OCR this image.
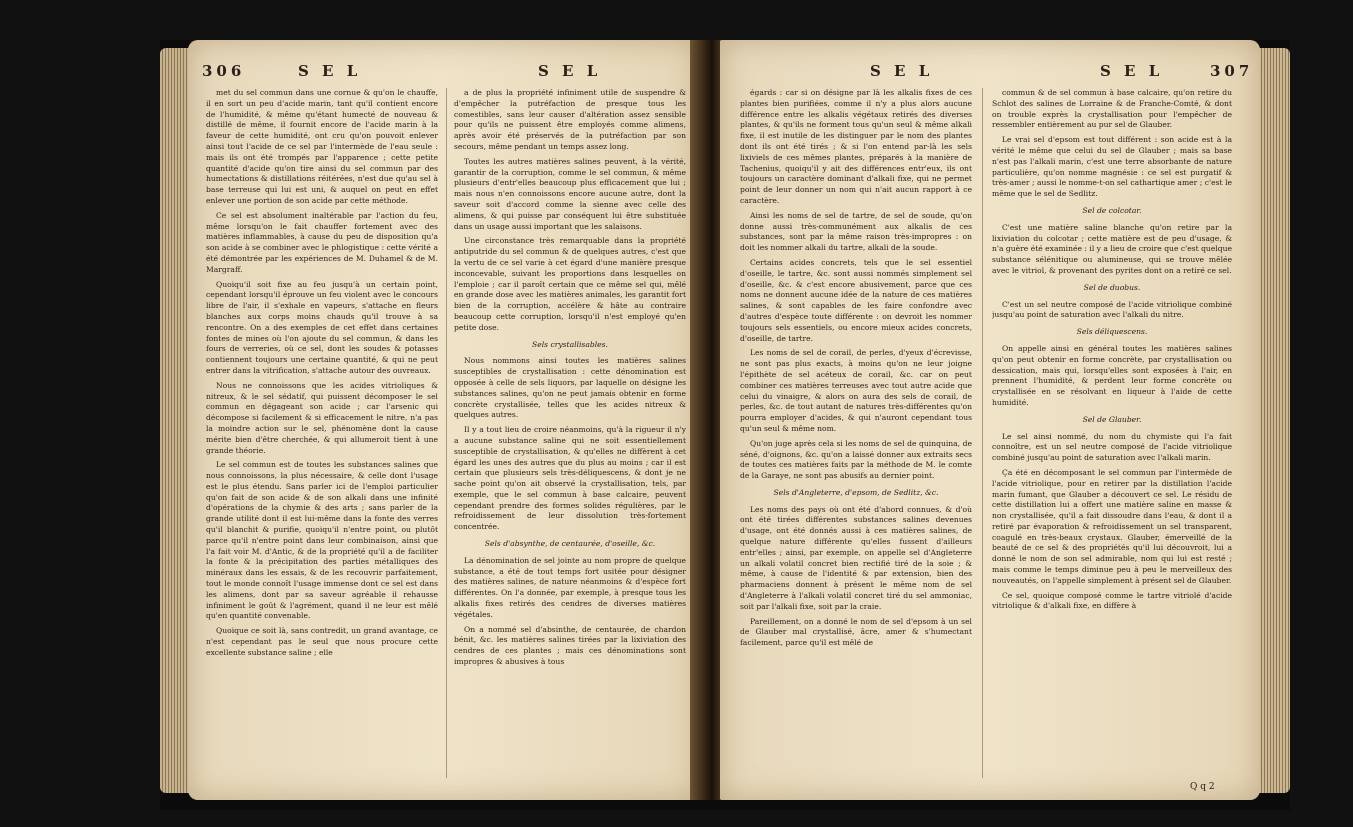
306	S E L	S E L

met du sel commun dans une cornue & qu'on le chauffe, il en sort un peu d'acide marin, tant qu'il contient encore de l'humidité, & même qu'étant humecté de nouveau & distillé de même, il fournit encore de l'acide marin à la faveur de cette humidité, ont cru qu'on pouvoit enlever ainsi tout l'acide de ce sel par l'intermède de l'eau seule : mais ils ont été trompés par l'apparence ; cette petite quantité d'acide qu'on tire ainsi du sel commun par des humectations & distillations réitérées, n'est due qu'au sel à base terreuse qui lui est uni, & auquel on peut en effet enlever une portion de son acide par cette méthode.

Ce sel est absolument inaltérable par l'action du feu, même lorsqu'on le fait chauffer fortement avec des matières inflammables, à cause du peu de disposition qu'a son acide à se combiner avec le phlogistique : cette vérité a été démontrée par les expériences de M. Duhamel & de M. Margraff.

Quoiqu'il soit fixe au feu jusqu'à un certain point, cependant lorsqu'il éprouve un feu violent avec le concours libre de l'air, il s'exhale en vapeurs, s'attache en fleurs blanches aux corps moins chauds qu'il trouve à sa rencontre. On a des exemples de cet effet dans certaines fontes de mines où l'on ajoute du sel commun, & dans les fours de verreries, où ce sel, dont les soudes & potasses contiennent toujours une certaine quantité, & qui ne peut entrer dans la vitrification, s'attache autour des ouvreaux.

Nous ne connoissons que les acides vitrioliques & nitreux, & le sel sédatif, qui puissent décomposer le sel commun en dégageant son acide ; car l'arsenic qui décompose si facilement & si efficacement le nitre, n'a pas la moindre action sur le sel, phénomène dont la cause mérite bien d'être cherchée, & qui allumeroit tient à une grande théorie.

Le sel commun est de toutes les substances salines que nous connoissons, la plus nécessaire, & celle dont l'usage est le plus étendu. Sans parler ici de l'emploi particulier qu'on fait de son acide & de son alkali dans une infinité d'opérations de la chymie & des arts ; sans parler de la grande utilité dont il est lui-même dans la fonte des verres qu'il blanchit & purifie, quoiqu'il n'entre point, ou plutôt parce qu'il n'entre point dans leur combinaison, ainsi que l'a fait voir M. d'Antic, & de la propriété qu'il a de faciliter la fonte & la précipitation des parties métalliques des minéraux dans les essais, & de les recouvrir parfaitement, tout le monde connoît l'usage immense dont ce sel est dans les alimens, dont par sa saveur agréable il rehausse infiniment le goût & l'agrément, quand il ne leur est mêlé qu'en quantité convenable.

Quoique ce soit là, sans contredit, un grand avantage, ce n'est cependant pas le seul que nous procure cette excellente substance saline ; elle

a de plus la propriété infiniment utile de suspendre & d'empêcher la putréfaction de presque tous les comestibles, sans leur causer d'altération assez sensible pour qu'ils ne puissent être employés comme alimens, après avoir été préservés de la putréfaction par son secours, même pendant un temps assez long.

Toutes les autres matières salines peuvent, à la vérité, garantir de la corruption, comme le sel commun, & même plusieurs d'entr'elles beaucoup plus efficacement que lui ; mais nous n'en connoissons encore aucune autre, dont la saveur soit d'accord comme la sienne avec celle des alimens, & qui puisse par conséquent lui être substituée dans un usage aussi important que les salaisons.

Une circonstance très remarquable dans la propriété antiputride du sel commun & de quelques autres, c'est que la vertu de ce sel varie à cet égard d'une manière presque inconcevable, suivant les proportions dans lesquelles on l'emploie ; car il paroît certain que ce même sel qui, mêlé en grande dose avec les matières animales, les garantit fort bien de la corruption, accélère & hâte au contraire beaucoup cette corruption, lorsqu'il n'est employé qu'en petite dose.

Sels crystallisables.

Nous nommons ainsi toutes les matières salines susceptibles de crystallisation : cette dénomination est opposée à celle de sels liquors, par laquelle on désigne les substances salines, qu'on ne peut jamais obtenir en forme concrète crystallisée, telles que les acides nitreux & quelques autres.

Il y a tout lieu de croire néanmoins, qu'à la rigueur il n'y a aucune substance saline qui ne soit essentiellement susceptible de crystallisation, & qu'elles ne diffèrent à cet égard les unes des autres que du plus au moins ; car il est certain que plusieurs sels très-déliquescens, & dont je ne sache point qu'on ait observé la crystallisation, tels, par exemple, que le sel commun à base calcaire, peuvent cependant prendre des formes solides régulières, par le refroidissement de leur dissolution très-fortement concentrée.

Sels d'absynthe, de centaurée, d'oseille, &c.

La dénomination de sel jointe au nom propre de quelque substance, a été de tout temps fort usitée pour désigner des matières salines, de nature néanmoins & d'espèce fort différentes. On l'a donnée, par exemple, à presque tous les alkalis fixes retirés des cendres de diverses matières végétales.

On a nommé sel d'absinthe, de centaurée, de chardon bénit, &c. les matières salines tirées par la lixiviation des cendres de ces plantes ; mais ces dénominations sont impropres & abusives à tous

S E L	S E L	307

égards : car si on désigne par là les alkalis fixes de ces plantes bien purifiées, comme il n'y a plus alors aucune différence entre les alkalis végétaux retirés des diverses plantes, & qu'ils ne forment tous qu'un seul & même alkali fixe, il est inutile de les distinguer par le nom des plantes dont ils ont été tirés ; & si l'on entend par-là les sels lixiviels de ces mêmes plantes, préparés à la manière de Tachenius, quoiqu'il y ait des différences entr'eux, ils ont toujours un caractère dominant d'alkali fixe, qui ne permet point de leur donner un nom qui n'ait aucun rapport à ce caractère.

Ainsi les noms de sel de tartre, de sel de soude, qu'on donne aussi très-communément aux alkalis de ces substances, sont par la même raison très-impropres : on doit les nommer alkali du tartre, alkali de la soude.

Certains acides concrets, tels que le sel essentiel d'oseille, le tartre, &c. sont aussi nommés simplement sel d'oseille, &c. & c'est encore abusivement, parce que ces noms ne donnent aucune idée de la nature de ces matières salines, & sont capables de les faire confondre avec d'autres d'espèce toute différente : on devroit les nommer toujours sels essentiels, ou encore mieux acides concrets, d'oseille, de tartre.

Les noms de sel de corail, de perles, d'yeux d'écrevisse, ne sont pas plus exacts, à moins qu'on ne leur joigne l'épithète de sel acéteux de corail, &c. car on peut combiner ces matières terreuses avec tout autre acide que celui du vinaigre, & alors on aura des sels de corail, de perles, &c. de tout autant de natures très-différentes qu'on pourra employer d'acides, & qui n'auront cependant tous qu'un seul & même nom.

Qu'on juge après cela si les noms de sel de quinquina, de séné, d'oignons, &c. qu'on a laissé donner aux extraits secs de toutes ces matières faits par la méthode de M. le comte de la Garaye, ne sont pas abusifs au dernier point.

Sels d'Angleterre, d'epsom, de Sedlitz, &c.

Les noms des pays où ont été d'abord connues, & d'où ont été tirées différentes substances salines devenues d'usage, ont été donnés aussi à ces matières salines, de quelque nature différente qu'elles fussent d'ailleurs entr'elles ; ainsi, par exemple, on appelle sel d'Angleterre un alkali volatil concret bien rectifié tiré de la soie ; & même, à cause de l'identité & par extension, bien des pharmaciens donnent à présent le même nom de sel d'Angleterre à l'alkali volatil concret tiré du sel ammoniac, soit par l'alkali fixe, soit par la craie.

Pareillement, on a donné le nom de sel d'epsom à un sel de Glauber mal crystallisé, âcre, amer & s'humectant facilement, parce qu'il est mêlé de

commun & de sel commun à base calcaire, qu'on retire du Schlot des salines de Lorraine & de Franche-Comté, & dont on trouble exprès la crystallisation pour l'empêcher de ressembler entièrement au pur sel de Glauber.

Le vrai sel d'epsom est tout différent : son acide est à la vérité le même que celui du sel de Glauber ; mais sa base n'est pas l'alkali marin, c'est une terre absorbante de nature particulière, qu'on nomme magnésie : ce sel est purgatif & très-amer ; aussi le nomme-t-on sel cathartique amer ; c'est le même que le sel de Sedlitz.

Sel de colcotar.

C'est une matière saline blanche qu'on retire par la lixiviation du colcotar ; cette matière est de peu d'usage, & n'a guère été examinée : il y a lieu de croire que c'est quelque substance sélénitique ou alumineuse, qui se trouve mêlée avec le vitriol, & provenant des pyrites dont on a retiré ce sel.

Sel de duobus.

C'est un sel neutre composé de l'acide vitriolique combiné jusqu'au point de saturation avec l'alkali du nitre.

Sels déliquescens.

On appelle ainsi en général toutes les matières salines qu'on peut obtenir en forme concrète, par crystallisation ou dessication, mais qui, lorsqu'elles sont exposées à l'air, en prennent l'humidité, & perdent leur forme concrète ou crystallisée en se résolvant en liqueur à l'aide de cette humidité.

Sel de Glauber.

Le sel ainsi nommé, du nom du chymiste qui l'a fait connoître, est un sel neutre composé de l'acide vitriolique combiné jusqu'au point de saturation avec l'alkali marin.

Ça été en décomposant le sel commun par l'intermède de l'acide vitriolique, pour en retirer par la distillation l'acide marin fumant, que Glauber a découvert ce sel. Le résidu de cette distillation lui a offert une matière saline en masse & non crystallisée, qu'il a fait dissoudre dans l'eau, & dont il a retiré par évaporation & refroidissement un sel transparent, coagulé en très-beaux crystaux. Glauber, émerveillé de la beauté de ce sel & des propriétés qu'il lui découvroit, lui a donné le nom de son sel admirable, nom qui lui est resté ; mais comme le temps diminue peu à peu le merveilleux des nouveautés, on l'appelle simplement à présent sel de Glauber.

Ce sel, quoique composé comme le tartre vitriolé d'acide vitriolique & d'alkali fixe, en diffère à

Q q 2
